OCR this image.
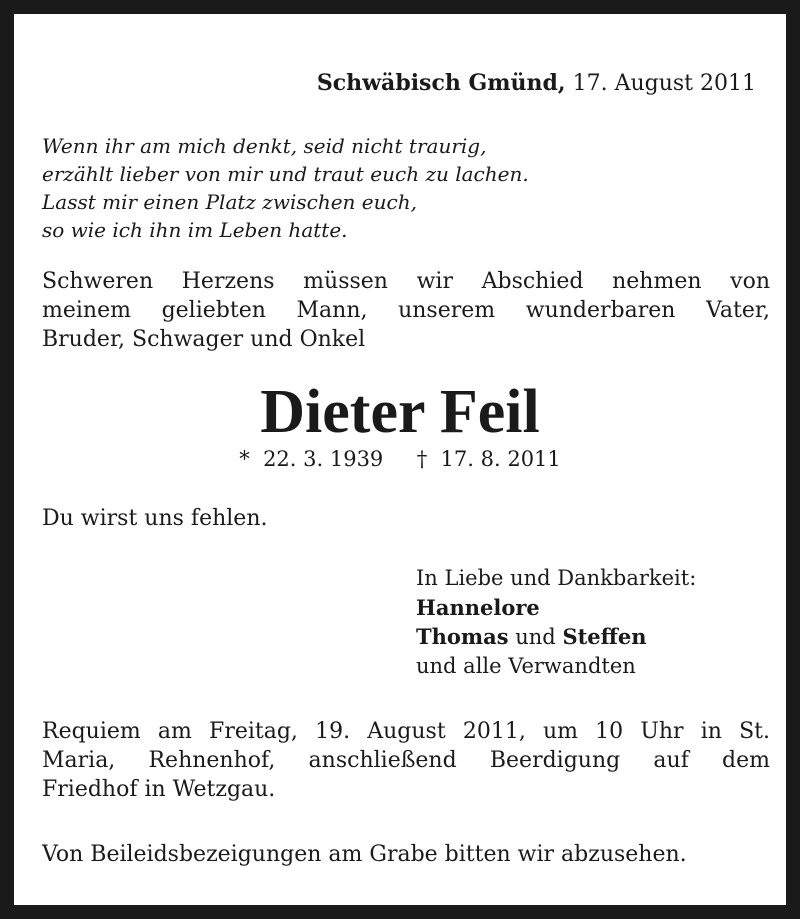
Schwäbisch Gmünd, 17. August 2011
Wenn ihr am mich denkt, seid nicht traurig,
erzählt lieber von mir und traut euch zu lachen.
Lasst mir einen Platz zwischen euch,
so wie ich ihn im Leben hatte.
Schweren Herzens müssen wir Abschied nehmen von
meinem geliebten Mann, unserem wunderbaren Vater,
Bruder, Schwager und Onkel
Dieter Feil
* 22. 3. 1939 † 17. 8. 2011
Du wirst uns fehlen.
In Liebe und Dankbarkeit:
Hannelore
Thomas und Steffen
und alle Verwandten
Requiem am Freitag, 19. August 2011, um 10 Uhr in St.
Maria, Rehnenhof, anschließend Beerdigung auf dem
Friedhof in Wetzgau.
Von Beileidsbezeigungen am Grabe bitten wir abzusehen.
